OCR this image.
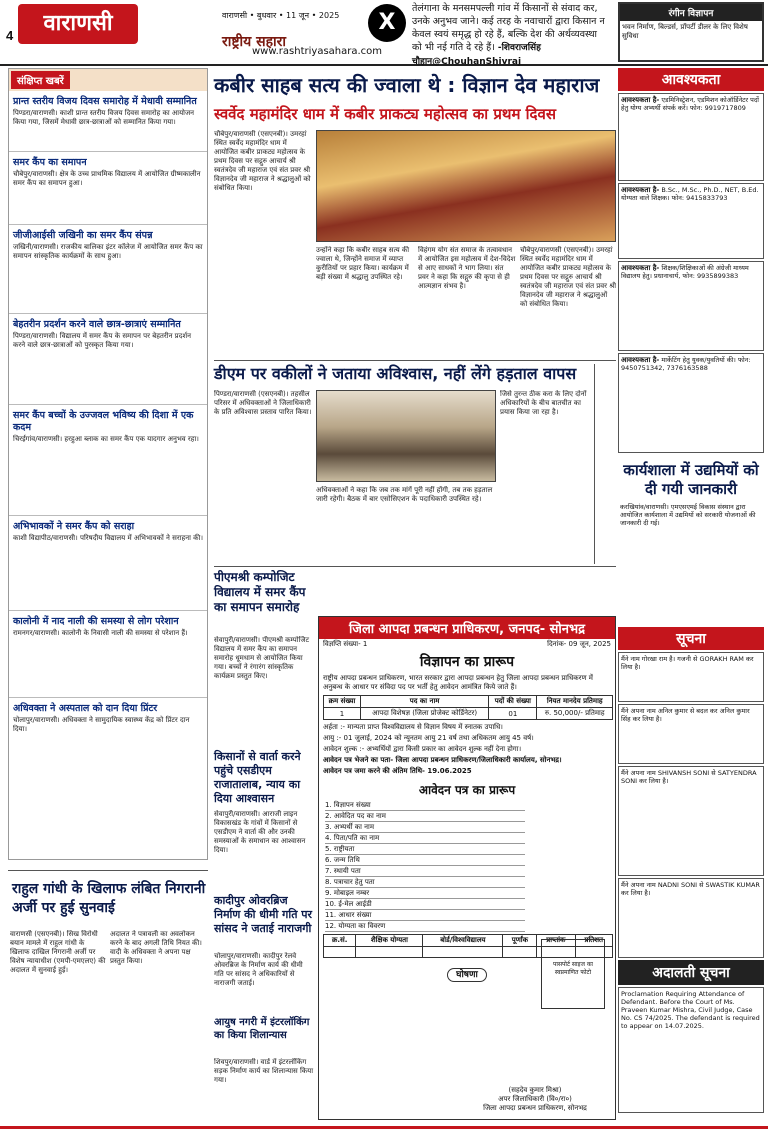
4	वाराणसी	वाराणसी • बुधवार • 11 जून • 2025
राष्ट्रीय सहारा
www.rashtriyasahara.com
X
तेलंगाना के मनसमपल्ली गांव में किसानों से संवाद कर, उनके अनुभव जाने। कई तरह के नवाचारों द्वारा किसान न केवल स्वयं समृद्ध हो रहे हैं, बल्कि देश की अर्थव्यवस्था को भी नई गति दे रहे हैं। -शिवराजसिंह चौहान@ChouhanShivraj
रंगीन विज्ञापन
भवन निर्माण, बिल्डर्स, प्रॉपर्टी डीलर के लिए विशेष सुविधा
संक्षिप्त खबरें
प्रान्त स्तरीय विजय दिवस समारोह में मेधावी सम्मानित
पिण्डरा/वाराणसी। काशी प्रान्त स्तरीय विजय दिवस समारोह का आयोजन किया गया, जिसमें मेधावी छात्र-छात्राओं को सम्मानित किया गया।
समर कैंप का समापन
चौबेपुर/वाराणसी। क्षेत्र के उच्च प्राथमिक विद्यालय में आयोजित ग्रीष्मकालीन समर कैंप का समापन हुआ।
जीजीआईसी जखिनी का समर कैंप संपन्न
जखिनी/वाराणसी। राजकीय बालिका इंटर कॉलेज में आयोजित समर कैंप का समापन सांस्कृतिक कार्यक्रमों के साथ हुआ।
बेहतरीन प्रदर्शन करने वाले छात्र-छात्राएं सम्मानित
पिण्डरा/वाराणसी। विद्यालय में समर कैंप के समापन पर बेहतरीन प्रदर्शन करने वाले छात्र-छात्राओं को पुरस्कृत किया गया।
समर कैंप बच्चों के उज्जवल भविष्य की दिशा में एक कदम
चिरईगांव/वाराणसी। हरहुआ ब्लाक का समर कैंप एक यादगार अनुभव रहा।
अभिभावकों ने समर कैंप को सराहा
काशी विद्यापीठ/वाराणसी। परिषदीय विद्यालय में अभिभावकों ने सराहना की।
कालोनी में नाद नाली की समस्या से लोग परेशान
रामनगर/वाराणसी। कालोनी के निवासी नाली की समस्या से परेशान हैं।
अधिवक्ता ने अस्पताल को दान दिया प्रिंटर
चोलापुर/वाराणसी। अधिवक्ता ने सामुदायिक स्वास्थ्य केंद्र को प्रिंटर दान दिया।
कबीर साहब सत्य की ज्वाला थे : विज्ञान देव महाराज
स्वर्वेद महामंदिर धाम में कबीर प्राकट्य महोत्सव का प्रथम दिवस
चौबेपुर/वाराणसी (एसएनबी)। उमरहां स्थित स्वर्वेद महामंदिर धाम में आयोजित कबीर प्राकट्य महोत्सव के प्रथम दिवस पर सद्गुरु आचार्य श्री स्वतंत्रदेव जी महाराज एवं संत प्रवर श्री विज्ञानदेव जी महाराज ने श्रद्धालुओं को संबोधित किया।
उन्होंने कहा कि कबीर साहब सत्य की ज्वाला थे, जिन्होंने समाज में व्याप्त कुरीतियों पर प्रहार किया। कार्यक्रम में बड़ी संख्या में श्रद्धालु उपस्थित रहे।
विहंगम योग संत समाज के तत्वावधान में आयोजित इस महोत्सव में देश-विदेश से आए साधकों ने भाग लिया। संत प्रवर ने कहा कि सद्गुरु की कृपा से ही आत्मज्ञान संभव है।
चौबेपुर/वाराणसी (एसएनबी)। उमरहां स्थित स्वर्वेद महामंदिर धाम में आयोजित कबीर प्राकट्य महोत्सव के प्रथम दिवस पर सद्गुरु आचार्य श्री स्वतंत्रदेव जी महाराज एवं संत प्रवर श्री विज्ञानदेव जी महाराज ने श्रद्धालुओं को संबोधित किया।
डीएम पर वकीलों ने जताया अविश्वास, नहीं लेंगे हड़ताल वापस
पिण्डरा/वाराणसी (एसएनबी)। तहसील परिसर में अधिवक्ताओं ने जिलाधिकारी के प्रति अविश्वास प्रस्ताव पारित किया।
अधिवक्ताओं ने कहा कि जब तक मांगें पूरी नहीं होंगी, तब तक हड़ताल जारी रहेगी। बैठक में बार एसोसिएशन के पदाधिकारी उपस्थित रहे।
जिसे तुरन्त ठीक करा के लिए दोनों अधिकारियों के बीच बातचीत का प्रयास किया जा रहा है।
पीएमश्री कम्पोजिट विद्यालय में समर कैंप का समापन समारोह
सेवापुरी/वाराणसी। पीएमश्री कम्पोजिट विद्यालय में समर कैंप का समापन समारोह धूमधाम से आयोजित किया गया। बच्चों ने रंगारंग सांस्कृतिक कार्यक्रम प्रस्तुत किए।
किसानों से वार्ता करने पहुंचे एसडीएम राजातालाब, न्याय का दिया आश्वासन
सेवापुरी/वाराणसी। आराजी लाइन विकासखंड के गांवों में किसानों से एसडीएम ने वार्ता की और उनकी समस्याओं के समाधान का आश्वासन दिया।
कादीपुर ओवरब्रिज निर्माण की धीमी गति पर सांसद ने जताई नाराजगी
चोलापुर/वाराणसी। कादीपुर रेलवे ओवरब्रिज के निर्माण कार्य की धीमी गति पर सांसद ने अधिकारियों से नाराजगी जताई।
आयुष नगरी में इंटरलॉकिंग का किया शिलान्यास
शिवपुर/वाराणसी। वार्ड में इंटरलॉकिंग सड़क निर्माण कार्य का शिलान्यास किया गया।
राहुल गांधी के खिलाफ लंबित निगरानी अर्जी पर हुई सुनवाई
वाराणसी (एसएनबी)। सिख विरोधी बयान मामले में राहुल गांधी के खिलाफ दाखिल निगरानी अर्जी पर विशेष न्यायाधीश (एमपी-एमएलए) की अदालत में सुनवाई हुई।
अदालत ने पत्रावली का अवलोकन करने के बाद अगली तिथि नियत की। वादी के अधिवक्ता ने अपना पक्ष प्रस्तुत किया।
जिला आपदा प्रबन्धन प्राधिकरण, जनपद- सोनभद्र
विज्ञप्ति संख्या- 1	दिनांक- 09 जून, 2025
विज्ञापन का प्रारूप
राष्ट्रीय आपदा प्रबन्धन प्राधिकरण, भारत सरकार द्वारा आपदा प्रबन्धन हेतु जिला आपदा प्रबन्धन प्राधिकरण में अनुबन्ध के आधार पर संविदा पद पर भर्ती हेतु आवेदन आमंत्रित किये जाते हैं।
क्रम संख्या	पद का नाम	पदों की संख्या	नियत मानदेय प्रतिमाह
1	आपदा विशेषज्ञ (जिला प्रोजेक्ट कोर्डिनेटर)	01	रु. 50,000/- प्रतिमाह
अर्हता :- मान्यता प्राप्त विश्वविद्यालय से विज्ञान विषय में स्नातक उपाधि।
आयु :- 01 जुलाई, 2024 को न्यूनतम आयु 21 वर्ष तथा अधिकतम आयु 45 वर्ष।
आवेदन शुल्क :- अभ्यर्थियों द्वारा किसी प्रकार का आवेदन शुल्क नहीं देना होगा।
आवेदन पत्र भेजने का पता- जिला आपदा प्रबन्धन प्राधिकरण/जिलाधिकारी कार्यालय, सोनभद्र।
आवेदन पत्र जमा करने की अंतिम तिथि- 19.06.2025
आवेदन पत्र का प्रारूप
1. विज्ञापन संख्या
2. आवेदित पद का नाम
3. अभ्यर्थी का नाम
4. पिता/पति का नाम
5. राष्ट्रीयता
6. जन्म तिथि
7. स्थायी पता
8. पत्राचार हेतु पता
9. मोबाइल नम्बर
10. ई-मेल आईडी
11. आधार संख्या
12. योग्यता का विवरण
पासपोर्ट साइज का स्वप्रमाणित फोटो
क्र.सं.	शैक्षिक योग्यता	बोर्ड/विश्वविद्यालय	पूर्णांक	प्राप्तांक	प्रतिशत

घोषणा
(सहदेव कुमार मिश्रा)
अपर जिलाधिकारी (वि०/रा०)
जिला आपदा प्रबन्धन प्राधिकरण, सोनभद्र
आवश्यकता
आवश्यकता है- एडमिनिस्ट्रेशन, एडमिशन कोऑर्डिनेटर पदों हेतु योग्य अभ्यर्थी संपर्क करें। फोन: 9919717809
आवश्यकता है- B.Sc., M.Sc., Ph.D., NET, B.Ed. योग्यता वाले शिक्षक। फोन: 9415833793
आवश्यकता है- शिक्षक/शिक्षिकाओं की अंग्रेजी माध्यम विद्यालय हेतु। प्रधानाचार्य, फोन: 9935899383
आवश्यकता है- मार्केटिंग हेतु युवक/युवतियों की। फोन: 9450751342, 7376163588
कार्यशाला में उद्यमियों को दी गयी जानकारी
करखियांव/वाराणसी। एमएसएमई विकास संस्थान द्वारा आयोजित कार्यशाला में उद्यमियों को सरकारी योजनाओं की जानकारी दी गई।
सूचना
मैंने नाम गोरखा राम है। गजनी से GORAKH RAM कर लिया है।
मैंने अपना नाम अनिल कुमार से बदल कर अनिल कुमार सिंह कर लिया है।
मैंने अपना नाम SHIVANSH SONI से SATYENDRA SONI कर लिया है।
मैंने अपना नाम NADNI SONI से SWASTIK KUMAR कर लिया है।
अदालती सूचना
Proclamation Requiring Attendance of Defendant. Before the Court of Ms. Praveen Kumar Mishra, Civil Judge, Case No. CS 74/2025. The defendant is required to appear on 14.07.2025.
